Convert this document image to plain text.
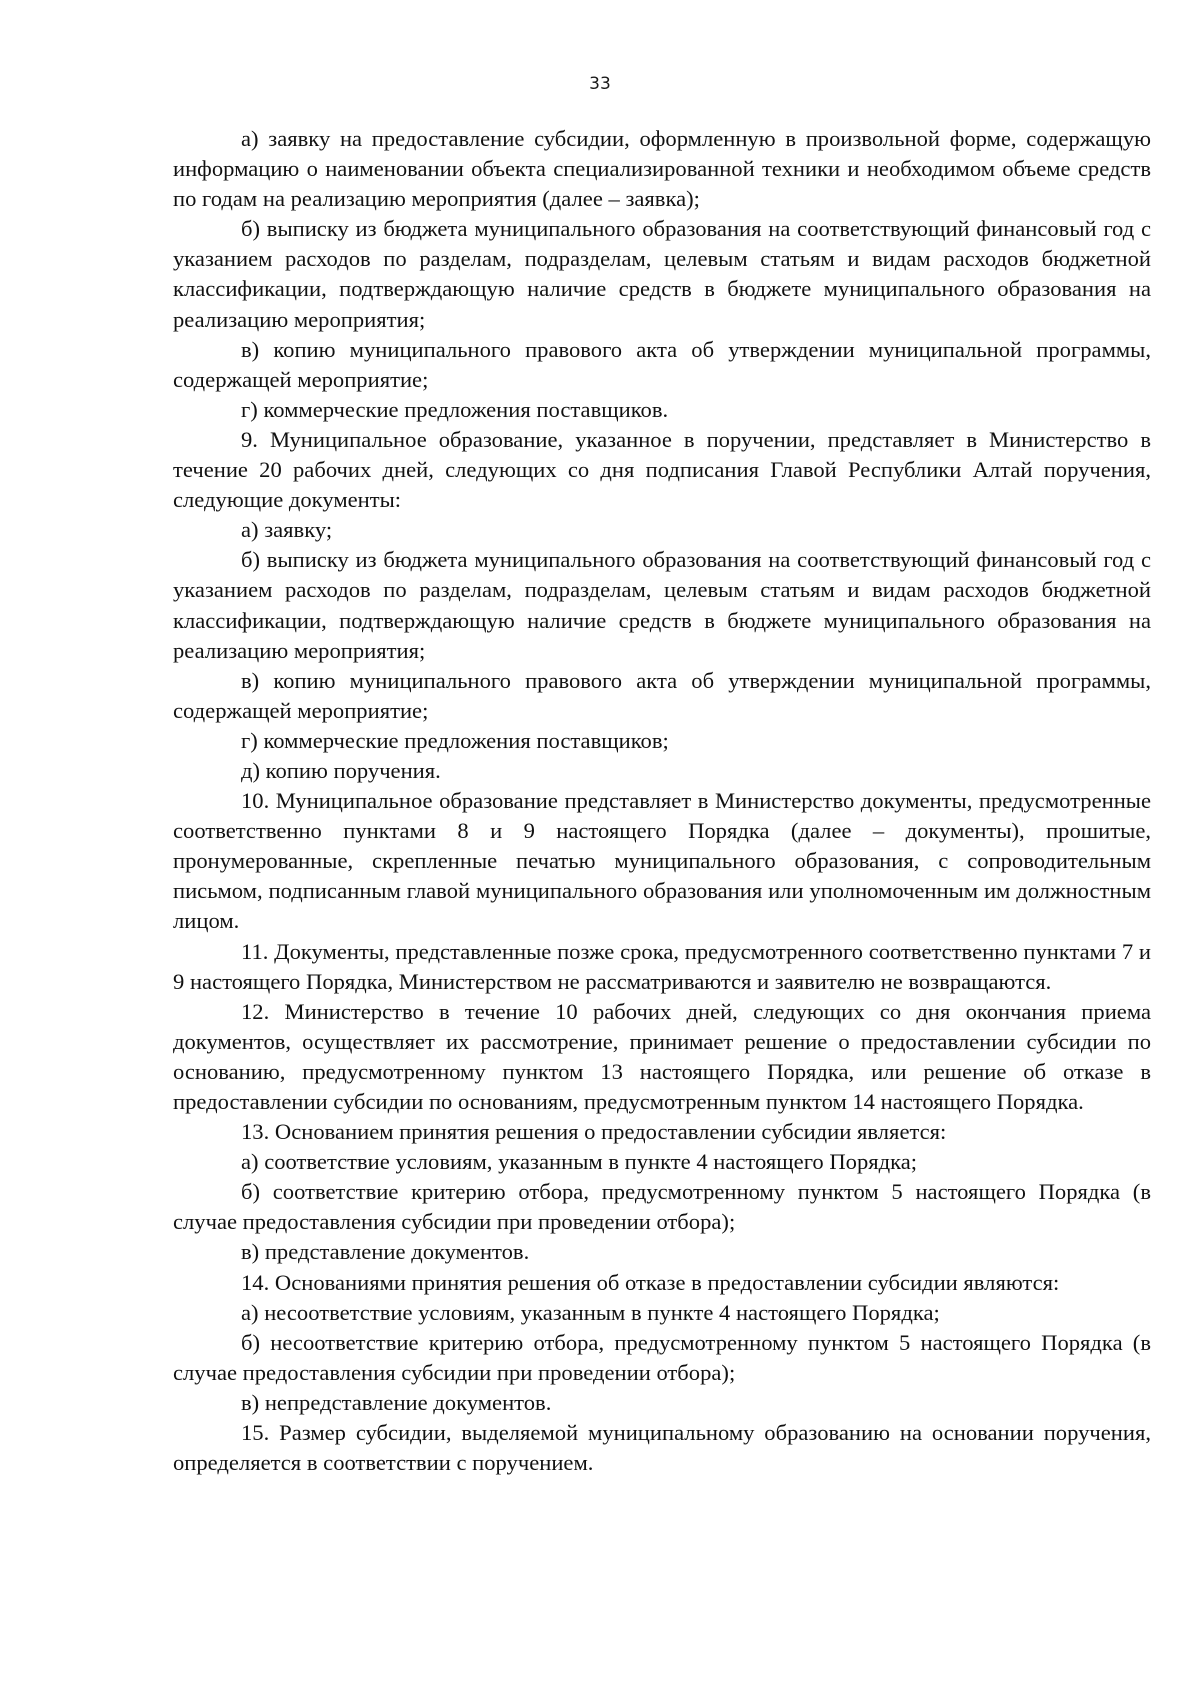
33

а) заявку на предоставление субсидии, оформленную в произвольной форме, содержащую информацию о наименовании объекта специализированной техники и необходимом объеме средств по годам на реализацию мероприятия (далее – заявка);

б) выписку из бюджета муниципального образования на соответствующий финансовый год с указанием расходов по разделам, подразделам, целевым статьям и видам расходов бюджетной классификации, подтверждающую наличие средств в бюджете муниципального образования на реализацию мероприятия;

в) копию муниципального правового акта об утверждении муниципальной программы, содержащей мероприятие;

г) коммерческие предложения поставщиков.

9. Муниципальное образование, указанное в поручении, представляет в Министерство в течение 20 рабочих дней, следующих со дня подписания Главой Республики Алтай поручения, следующие документы:

а) заявку;

б) выписку из бюджета муниципального образования на соответствующий финансовый год с указанием расходов по разделам, подразделам, целевым статьям и видам расходов бюджетной классификации, подтверждающую наличие средств в бюджете муниципального образования на реализацию мероприятия;

в) копию муниципального правового акта об утверждении муниципальной программы, содержащей мероприятие;

г) коммерческие предложения поставщиков;

д) копию поручения.

10. Муниципальное образование представляет в Министерство документы, предусмотренные соответственно пунктами 8 и 9 настоящего Порядка (далее – документы), прошитые, пронумерованные, скрепленные печатью муниципального образования, с сопроводительным письмом, подписанным главой муниципального образования или уполномоченным им должностным лицом.

11. Документы, представленные позже срока, предусмотренного соответственно пунктами 7 и 9 настоящего Порядка, Министерством не рассматриваются и заявителю не возвращаются.

12. Министерство в течение 10 рабочих дней, следующих со дня окончания приема документов, осуществляет их рассмотрение, принимает решение о предоставлении субсидии по основанию, предусмотренному пунктом 13 настоящего Порядка, или решение об отказе в предоставлении субсидии по основаниям, предусмотренным пунктом 14 настоящего Порядка.

13. Основанием принятия решения о предоставлении субсидии является:

а) соответствие условиям, указанным в пункте 4 настоящего Порядка;

б) соответствие критерию отбора, предусмотренному пунктом 5 настоящего Порядка (в случае предоставления субсидии при проведении отбора);

в) представление документов.

14. Основаниями принятия решения об отказе в предоставлении субсидии являются:

а) несоответствие условиям, указанным в пункте 4 настоящего Порядка;

б) несоответствие критерию отбора, предусмотренному пунктом 5 настоящего Порядка (в случае предоставления субсидии при проведении отбора);

в) непредставление документов.

15. Размер субсидии, выделяемой муниципальному образованию на основании поручения, определяется в соответствии с поручением.
